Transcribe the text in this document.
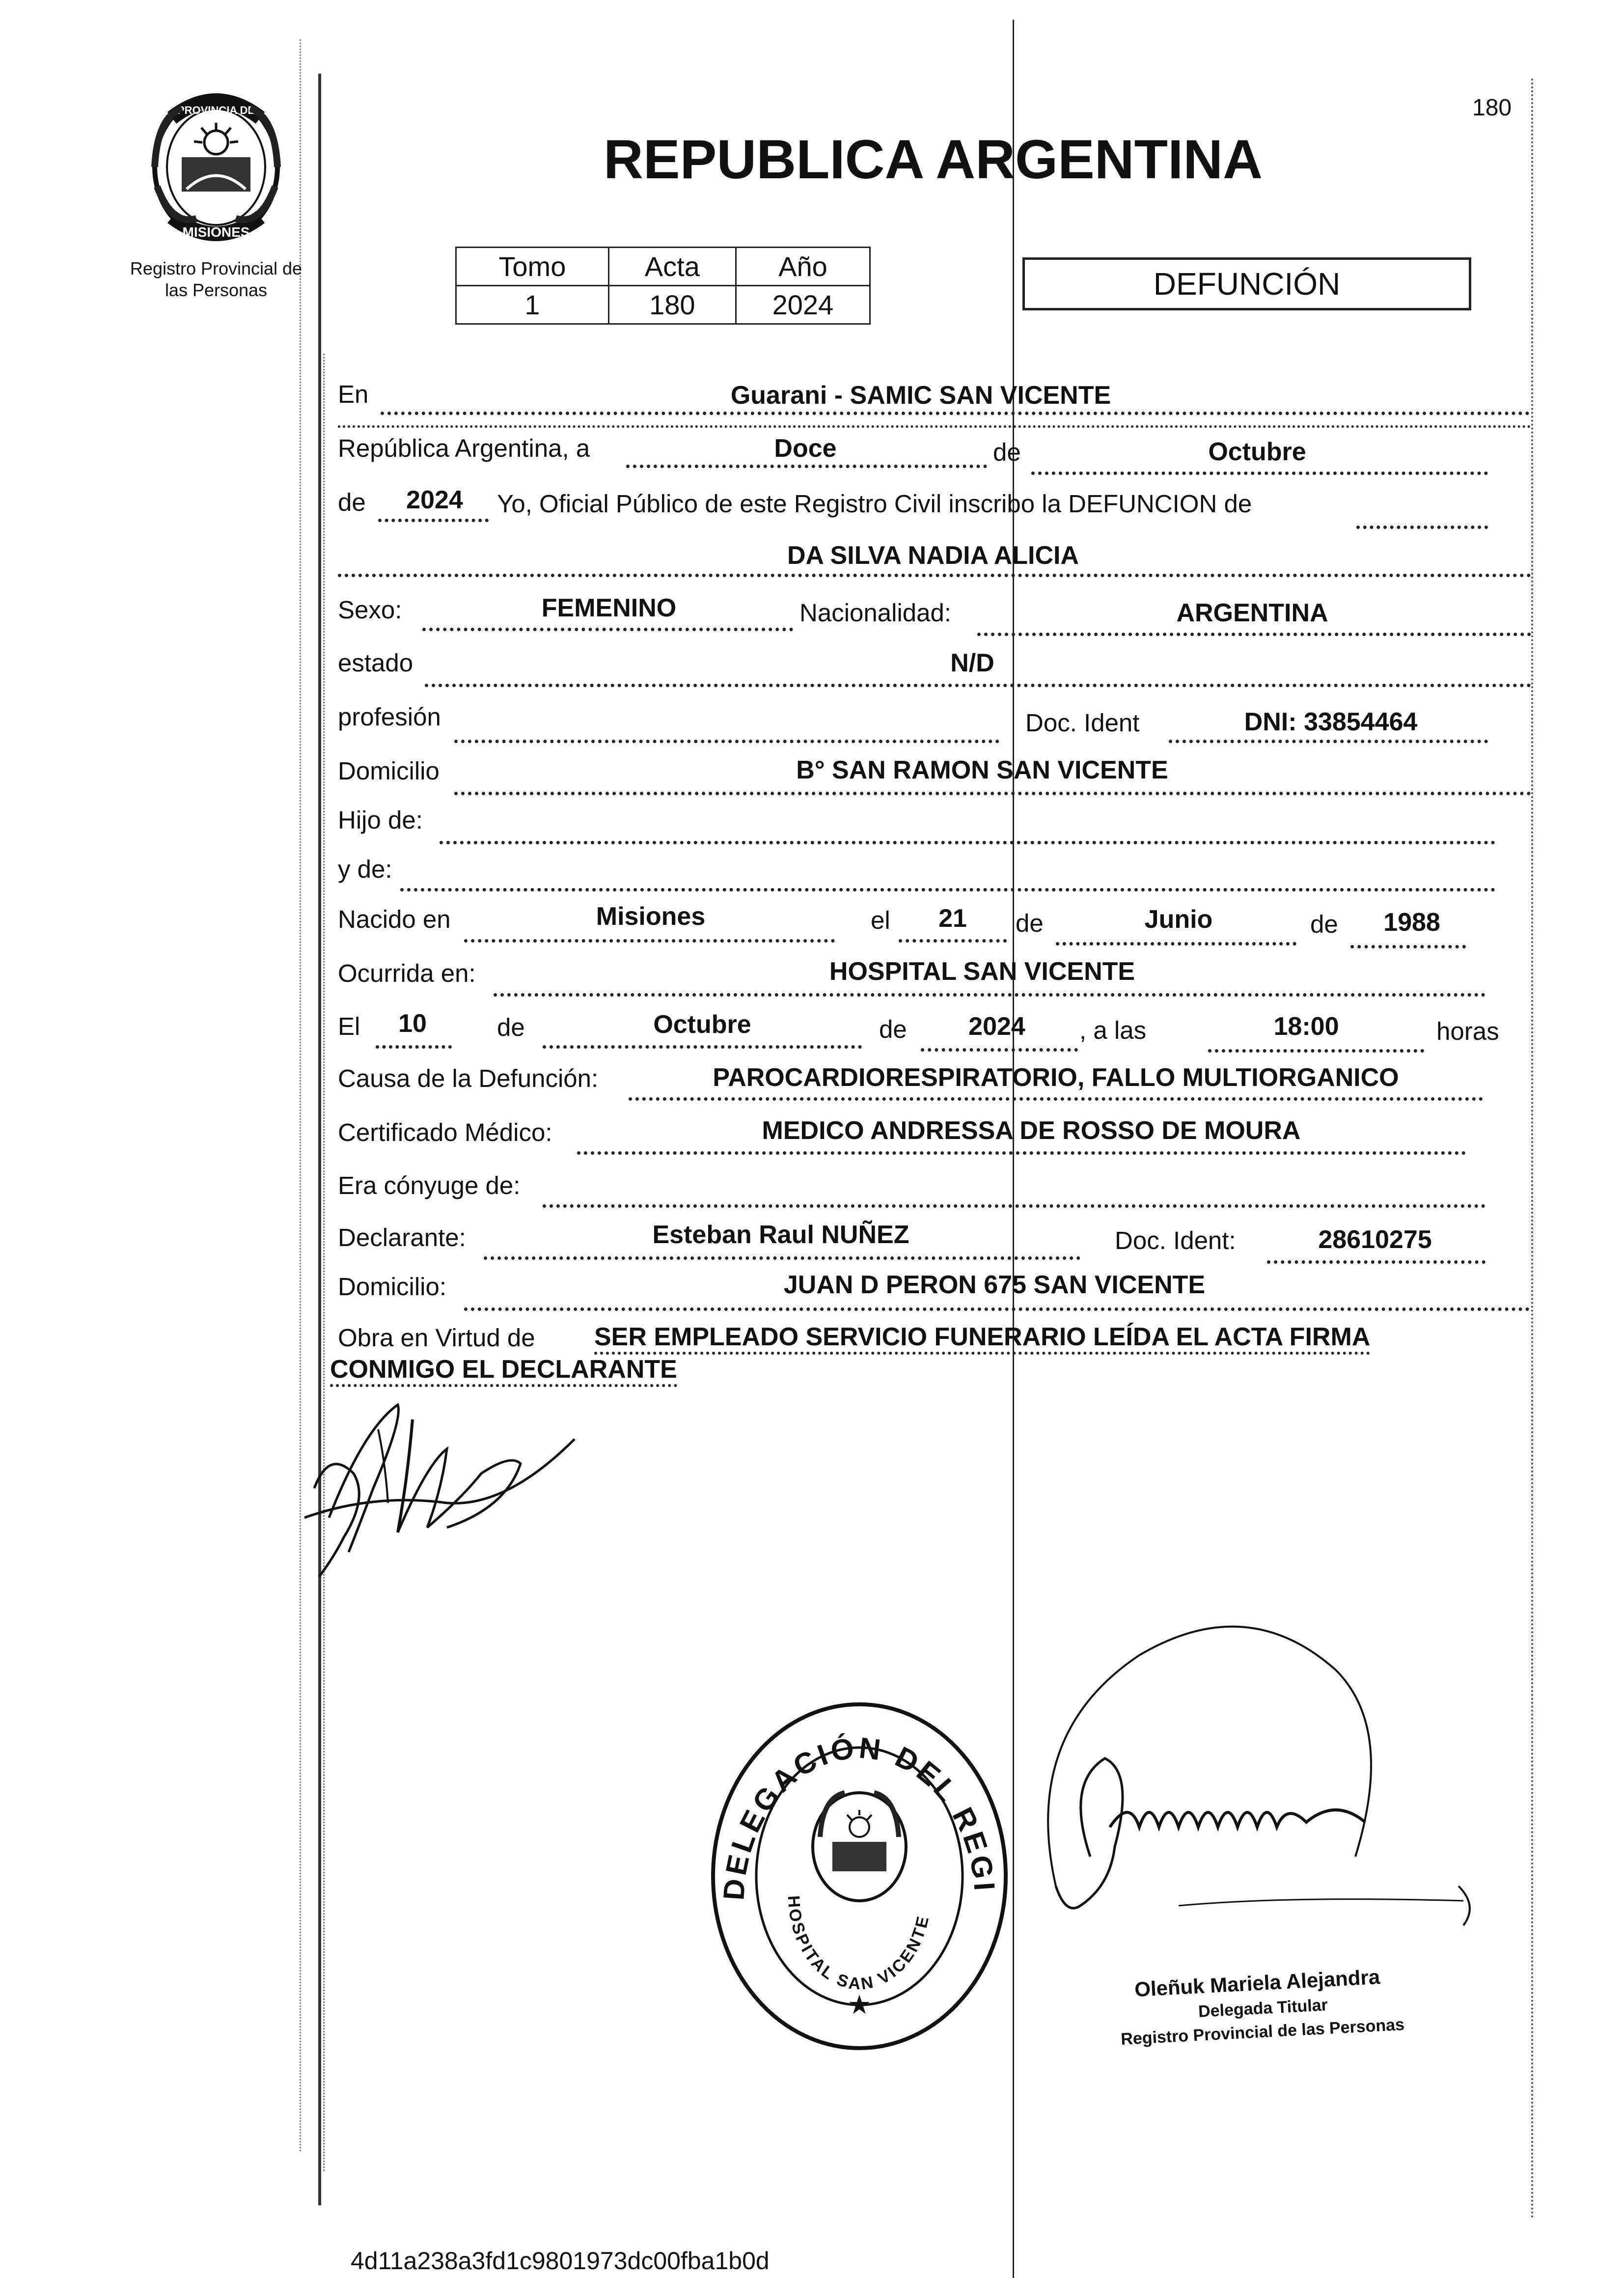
PROVINCIA DE
MISIONES
Registro Provincial de
las Personas
180
REPUBLICA ARGENTINA
Tomo	Acta	Año
1	180	2024
DEFUNCIÓN
En	Guarani - SAMIC SAN VICENTE
República Argentina, a	Doce	de	Octubre
de	2024	Yo, Oficial Público de este Registro Civil inscribo la DEFUNCION de
DA SILVA NADIA ALICIA
Sexo:	FEMENINO	Nacionalidad:	ARGENTINA
estado	N/D
profesión	Doc. Ident	DNI: 33854464
Domicilio	B° SAN RAMON SAN VICENTE
Hijo de:
y de:
Nacido en	Misiones	el	21	de	Junio	de	1988
Ocurrida en:	HOSPITAL SAN VICENTE
El	10	de	Octubre	de	2024	, a las	18:00	horas
Causa de la Defunción:	PAROCARDIORESPIRATORIO, FALLO MULTIORGANICO
Certificado Médico:	MEDICO ANDRESSA DE ROSSO DE MOURA
Era cónyuge de:
Declarante:	Esteban Raul NUÑEZ	Doc. Ident:	28610275
Domicilio:	JUAN D PERON 675 SAN VICENTE
Obra en Virtud de SER EMPLEADO SERVICIO FUNERARIO LEÍDA EL ACTA FIRMA
CONMIGO EL DECLARANTE
DELEGACIÓN DEL REGI
HOSPITAL SAN VICENTE
★
Oleñuk Mariela Alejandra
Delegada Titular
Registro Provincial de las Personas
4d11a238a3fd1c9801973dc00fba1b0d
